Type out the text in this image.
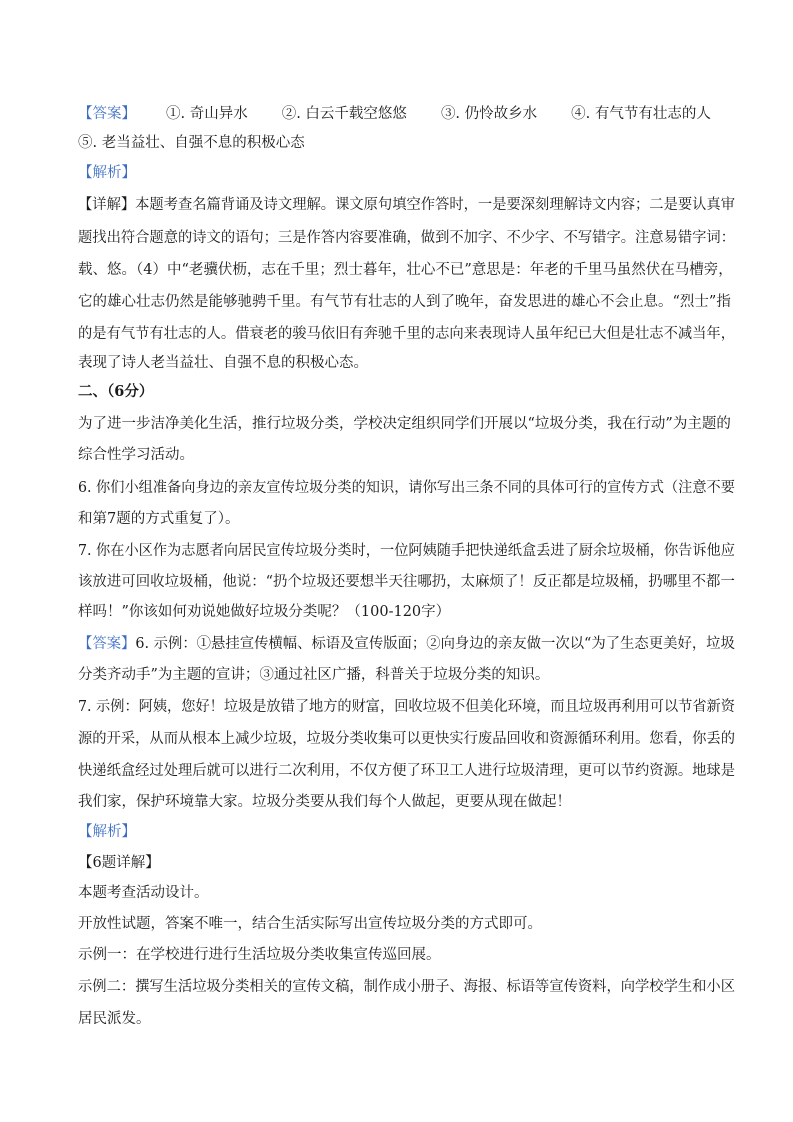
【答案】 ①. 奇山异水 ②. 白云千载空悠悠 ③. 仍怜故乡水 ④. 有气节有壮志的人
⑤. 老当益壮、自强不息的积极心态
【解析】
【详解】本题考查名篇背诵及诗文理解。课文原句填空作答时，一是要深刻理解诗文内容；二是要认真审
题找出符合题意的诗文的语句；三是作答内容要准确，做到不加字、不少字、不写错字。注意易错字词：
载、悠。（4）中“老骥伏枥，志在千里；烈士暮年，壮心不已”意思是：年老的千里马虽然伏在马槽旁，
它的雄心壮志仍然是能够驰骋千里。有气节有壮志的人到了晚年，奋发思进的雄心不会止息。“烈士”指
的是有气节有壮志的人。借衰老的骏马依旧有奔驰千里的志向来表现诗人虽年纪已大但是壮志不减当年，
表现了诗人老当益壮、自强不息的积极心态。
二、（6分）
为了进一步洁净美化生活，推行垃圾分类，学校决定组织同学们开展以“垃圾分类，我在行动”为主题的
综合性学习活动。
6. 你们小组准备向身边的亲友宣传垃圾分类的知识，请你写出三条不同的具体可行的宣传方式（注意不要
和第7题的方式重复了）。
7. 你在小区作为志愿者向居民宣传垃圾分类时，一位阿姨随手把快递纸盒丢进了厨余垃圾桶，你告诉他应
该放进可回收垃圾桶，他说：“扔个垃圾还要想半天往哪扔，太麻烦了！反正都是垃圾桶，扔哪里不都一
样吗！”你该如何劝说她做好垃圾分类呢？（100-120字）
【答案】6. 示例：①悬挂宣传横幅、标语及宣传版面；②向身边的亲友做一次以“为了生态更美好，垃圾
分类齐动手”为主题的宣讲；③通过社区广播，科普关于垃圾分类的知识。
7. 示例：阿姨，您好！垃圾是放错了地方的财富，回收垃圾不但美化环境，而且垃圾再利用可以节省新资
源的开采，从而从根本上减少垃圾，垃圾分类收集可以更快实行废品回收和资源循环利用。您看，你丢的
快递纸盒经过处理后就可以进行二次利用，不仅方便了环卫工人进行垃圾清理，更可以节约资源。地球是
我们家，保护环境靠大家。垃圾分类要从我们每个人做起，更要从现在做起！
【解析】
【6题详解】
本题考查活动设计。
开放性试题，答案不唯一，结合生活实际写出宣传垃圾分类的方式即可。
示例一：在学校进行进行生活垃圾分类收集宣传巡回展。
示例二：撰写生活垃圾分类相关的宣传文稿，制作成小册子、海报、标语等宣传资料，向学校学生和小区
居民派发。
